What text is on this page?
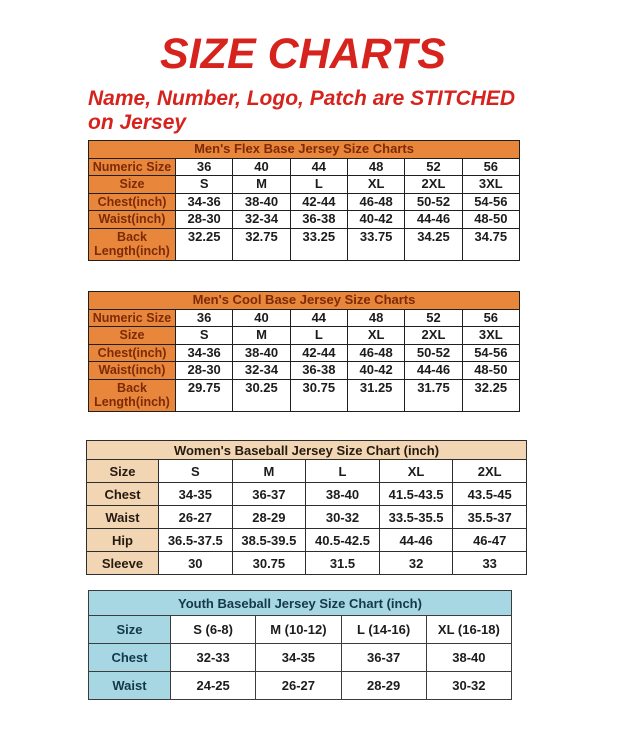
SIZE CHARTS
Name, Number, Logo, Patch are STITCHED
on Jersey
Men's Flex Base Jersey Size Charts						
Numeric Size	36	40	44	48	52	56
Size	S	M	L	XL	2XL	3XL
Chest(inch)	34-36	38-40	42-44	46-48	50-52	54-56
Waist(inch)	28-30	32-34	36-38	40-42	44-46	48-50
Back Length(inch)	32.25	32.75	33.25	33.75	34.25	34.75
Men's Cool Base Jersey Size Charts						
Numeric Size	36	40	44	48	52	56
Size	S	M	L	XL	2XL	3XL
Chest(inch)	34-36	38-40	42-44	46-48	50-52	54-56
Waist(inch)	28-30	32-34	36-38	40-42	44-46	48-50
Back Length(inch)	29.75	30.25	30.75	31.25	31.75	32.25
Women's Baseball Jersey Size Chart (inch)					
Size	S	M	L	XL	2XL
Chest	34-35	36-37	38-40	41.5-43.5	43.5-45
Waist	26-27	28-29	30-32	33.5-35.5	35.5-37
Hip	36.5-37.5	38.5-39.5	40.5-42.5	44-46	46-47
Sleeve	30	30.75	31.5	32	33
Youth Baseball Jersey Size Chart (inch)				
Size	S (6-8)	M (10-12)	L (14-16)	XL (16-18)
Chest	32-33	34-35	36-37	38-40
Waist	24-25	26-27	28-29	30-32
